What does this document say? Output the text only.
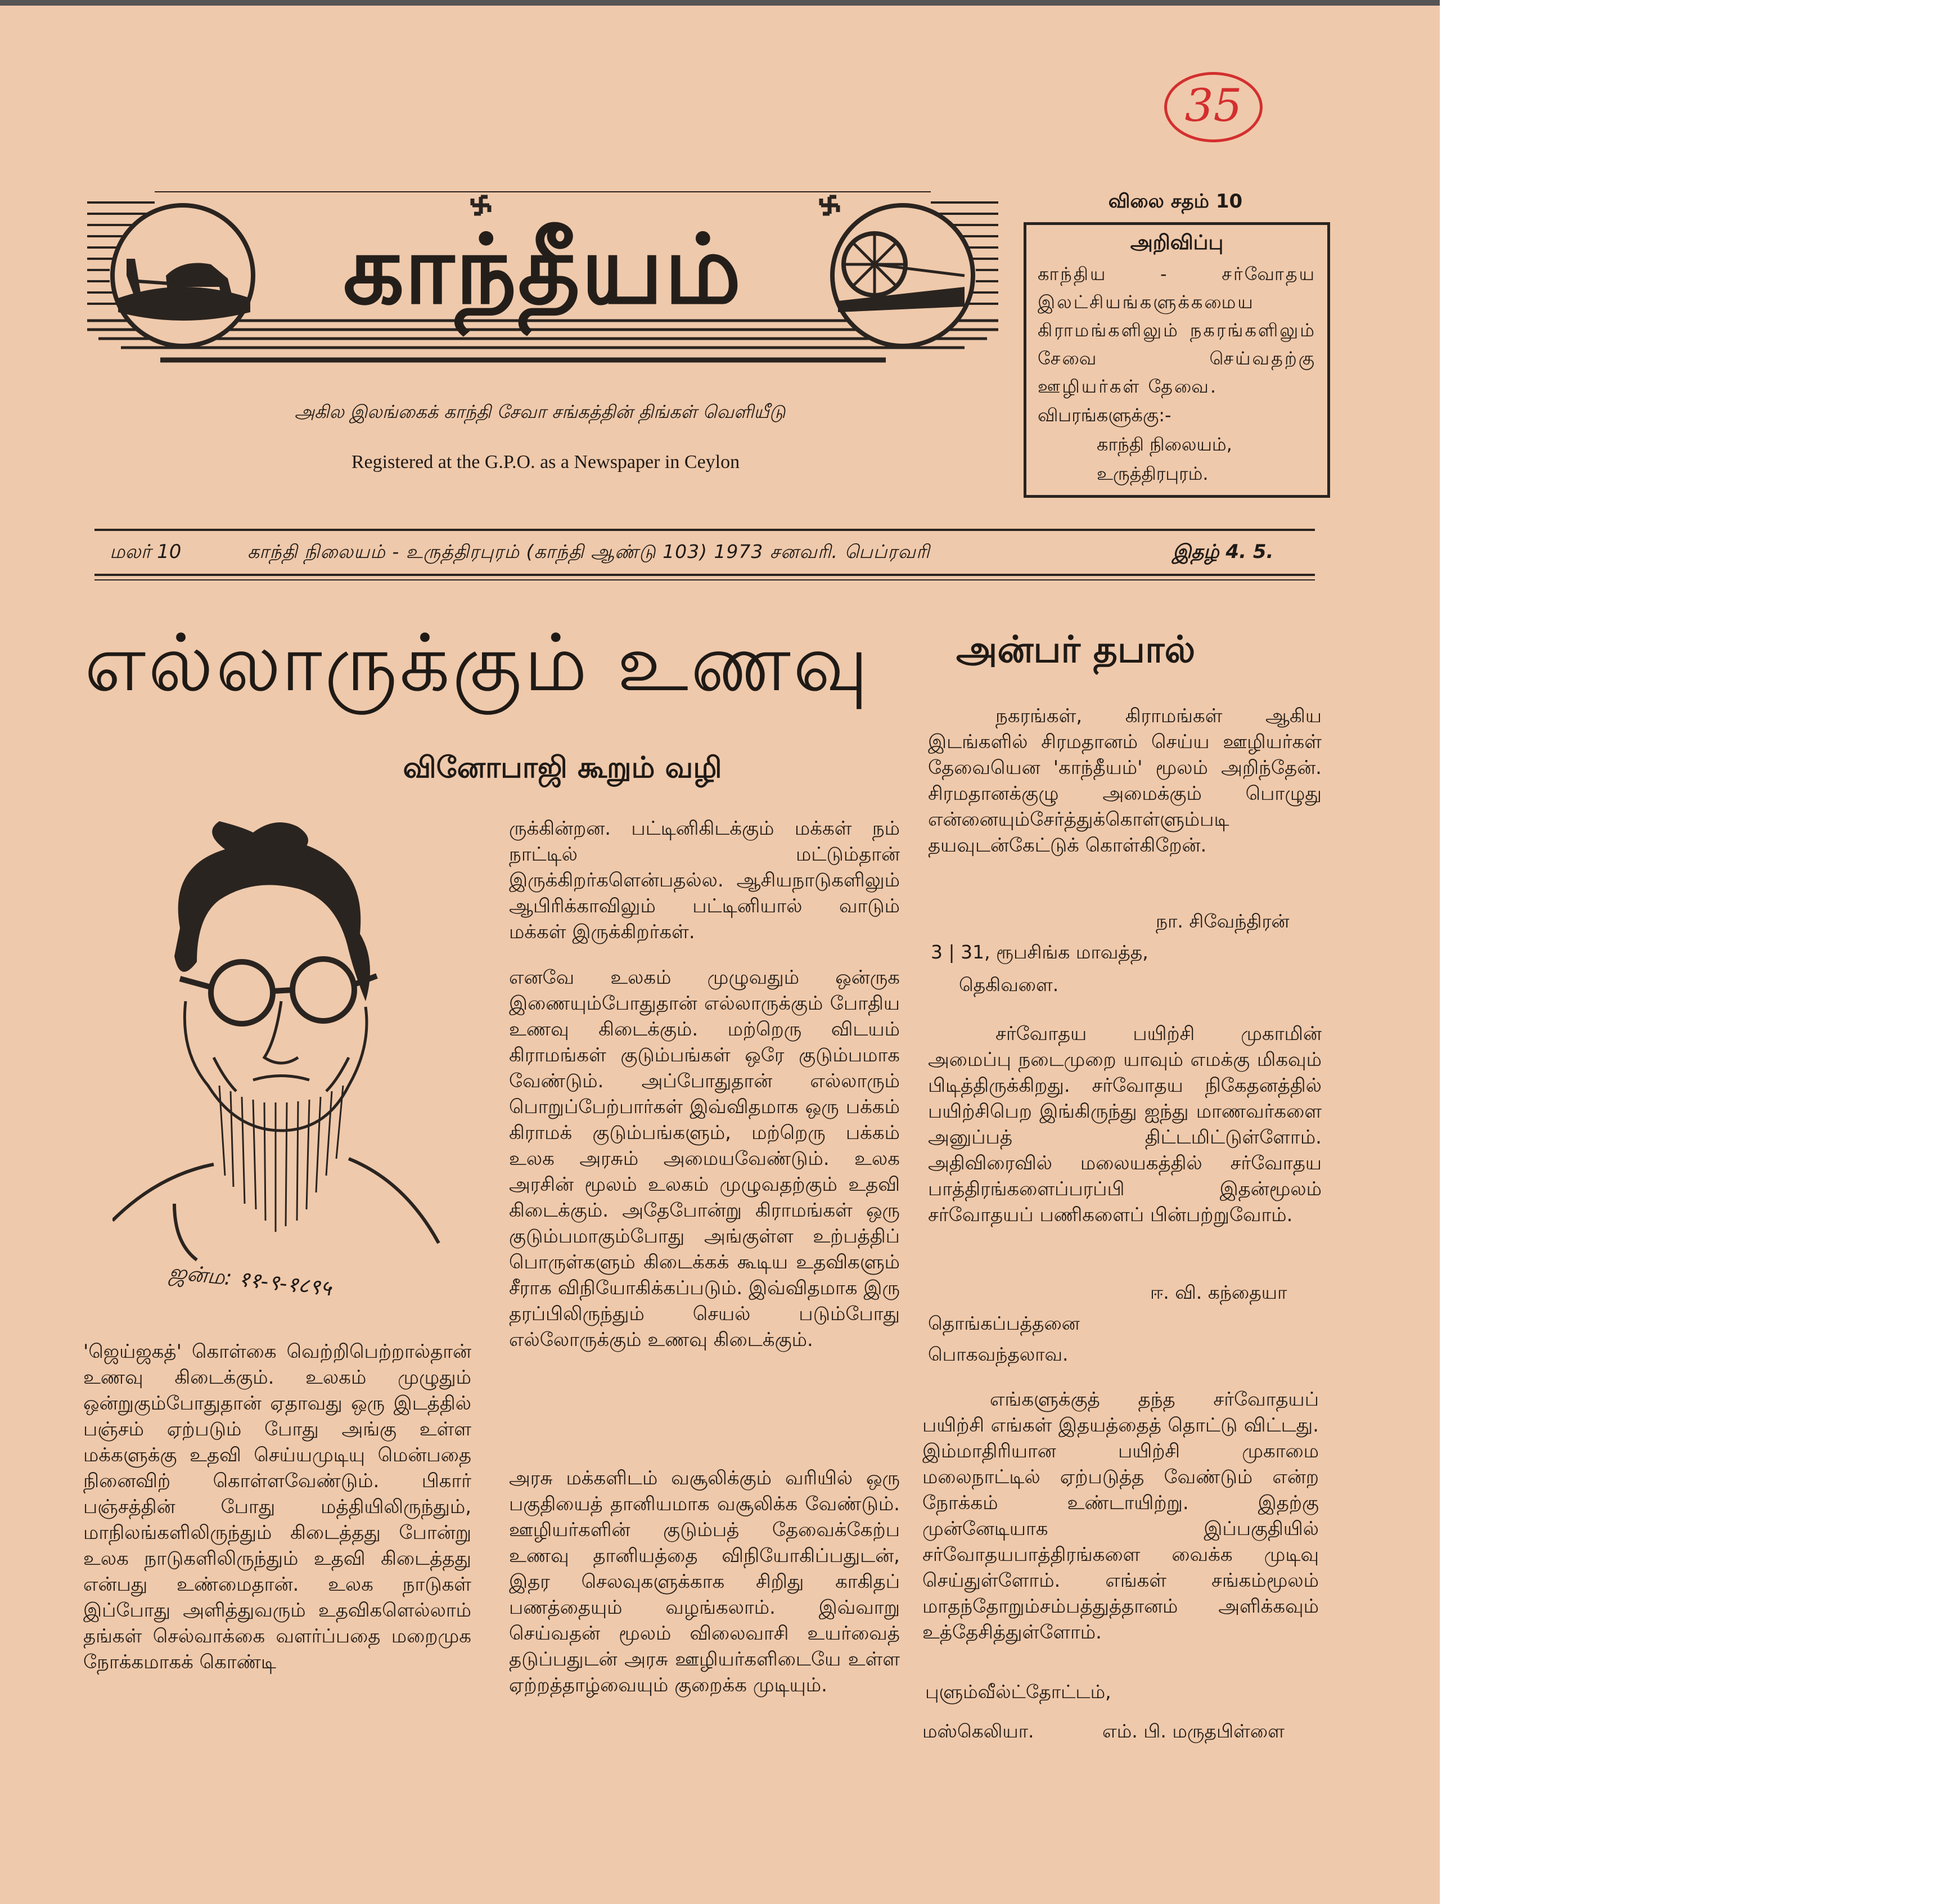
35
காந்தீயம்
அகில இலங்கைக் காந்தி சேவா சங்கத்தின் திங்கள் வெளியீடு
Registered at the G.P.O. as a Newspaper in Ceylon
விலை சதம் 10
அறிவிப்பு
காந்திய - சர்வோதய இலட்சியங்களுக்கமைய கிராமங்களிலும் நகரங்களிலும் சேவை செய்வதற்கு ஊழியர்கள் தேவை.
விபரங்களுக்கு:-
காந்தி நிலையம்,
உருத்திரபுரம்.
மலர் 10	காந்தி நிலையம் - உருத்திரபுரம் (காந்தி ஆண்டு 103) 1973 சனவரி. பெப்ரவரி	இதழ் 4. 5.
எல்லாருக்கும் உணவு
வினோபாஜி கூறும் வழி
ஜன்ம: ११-९-१८९५
'ஜெய்ஜகத்' கொள்கை வெற்றிபெற்றால்தான் உணவு கிடைக்கும். உலகம் முழுதும் ஒன்றுகும்போதுதான் ஏதாவது ஒரு இடத்தில் பஞ்சம் ஏற்படும் போது அங்கு உள்ள மக்களுக்கு உதவி செய்யமுடியு மென்பதை நினைவிற் கொள்ளவேண்டும். பிகார் பஞ்சத்தின் போது மத்தியிலிருந்தும், மாநிலங்களிலிருந்தும் கிடைத்தது போன்று உலக நாடுகளிலிருந்தும் உதவி கிடைத்தது என்பது உண்மைதான். உலக நாடுகள் இப்போது அளித்துவரும் உதவிகளெல்லாம் தங்கள் செல்வாக்கை வளர்ப்பதை மறைமுக நோக்கமாகக் கொண்டி
ருக்கின்றன. பட்டினிகிடக்கும் மக்கள் நம் நாட்டில் மட்டும்தான் இருக்கிறர்களென்பதல்ல. ஆசியநாடுகளிலும் ஆபிரிக்காவிலும் பட்டினியால் வாடும் மக்கள் இருக்கிறர்கள்.
எனவே உலகம் முழுவதும் ஒன்ருக இணையும்போதுதான் எல்லாருக்கும் போதிய உணவு கிடைக்கும். மற்றெரு விடயம் கிராமங்கள் குடும்பங்கள் ஒரே குடும்பமாக வேண்டும். அப்போதுதான் எல்லாரும் பொறுப்பேற்பார்கள் இவ்விதமாக ஒரு பக்கம் கிராமக் குடும்பங்களும், மற்றெரு பக்கம் உலக அரசும் அமையவேண்டும். உலக அரசின் மூலம் உலகம் முழுவதற்கும் உதவி கிடைக்கும். அதேபோன்று கிராமங்கள் ஒரு குடும்பமாகும்போது அங்குள்ள உற்பத்திப் பொருள்களும் கிடைக்கக் கூடிய உதவிகளும் சீராக விநியோகிக்கப்படும். இவ்விதமாக இரு தரப்பிலிருந்தும் செயல் படும்போது எல்லோருக்கும் உணவு கிடைக்கும்.
அரசு மக்களிடம் வசூலிக்கும் வரியில் ஒரு பகுதியைத் தானியமாக வசூலிக்க வேண்டும். ஊழியர்களின் குடும்பத் தேவைக்கேற்ப உணவு தானியத்தை விநியோகிப்பதுடன், இதர செலவுகளுக்காக சிறிது காகிதப் பணத்தையும் வழங்கலாம். இவ்வாறு செய்வதன் மூலம் விலைவாசி உயர்வைத் தடுப்பதுடன் அரசு ஊழியர்களிடையே உள்ள ஏற்றத்தாழ்வையும் குறைக்க முடியும்.
அன்பர் தபால்
நகரங்கள், கிராமங்கள் ஆகிய இடங்களில் சிரமதானம் செய்ய ஊழியர்கள் தேவையென 'காந்தீயம்' மூலம் அறிந்தேன். சிரமதானக்குழு அமைக்கும் பொழுது என்னையும்சேர்த்துக்கொள்ளும்படி தயவுடன்கேட்டுக் கொள்கிறேன்.
நா. சிவேந்திரன்
3 | 31, ரூபசிங்க மாவத்த,
தெகிவளை.
சர்வோதய பயிற்சி முகாமின் அமைப்பு நடைமுறை யாவும் எமக்கு மிகவும் பிடித்திருக்கிறது. சர்வோதய நிகேதனத்தில் பயிற்சிபெற இங்கிருந்து ஐந்து மாணவர்களை அனுப்பத் திட்டமிட்டுள்ளோம். அதிவிரைவில் மலையகத்தில் சர்வோதய பாத்திரங்களைப்பரப்பி இதன்மூலம் சர்வோதயப் பணிகளைப் பின்பற்றுவோம்.
ஈ. வி. கந்தையா
தொங்கப்பத்தனை
பொகவந்தலாவ.
எங்களுக்குத் தந்த சர்வோதயப் பயிற்சி எங்கள் இதயத்தைத் தொட்டு விட்டது. இம்மாதிரியான பயிற்சி முகாமை மலைநாட்டில் ஏற்படுத்த வேண்டும் என்ற நோக்கம் உண்டாயிற்று. இதற்கு முன்னேடியாக இப்பகுதியில் சர்வோதயபாத்திரங்களை வைக்க முடிவு செய்துள்ளோம். எங்கள் சங்கம்மூலம் மாதந்தோறும்சம்பத்துத்தானம் அளிக்கவும் உத்தேசித்துள்ளோம்.
புளும்வீல்ட்தோட்டம்,
மஸ்கெலியா.	எம். பி. மருதபிள்ளை
